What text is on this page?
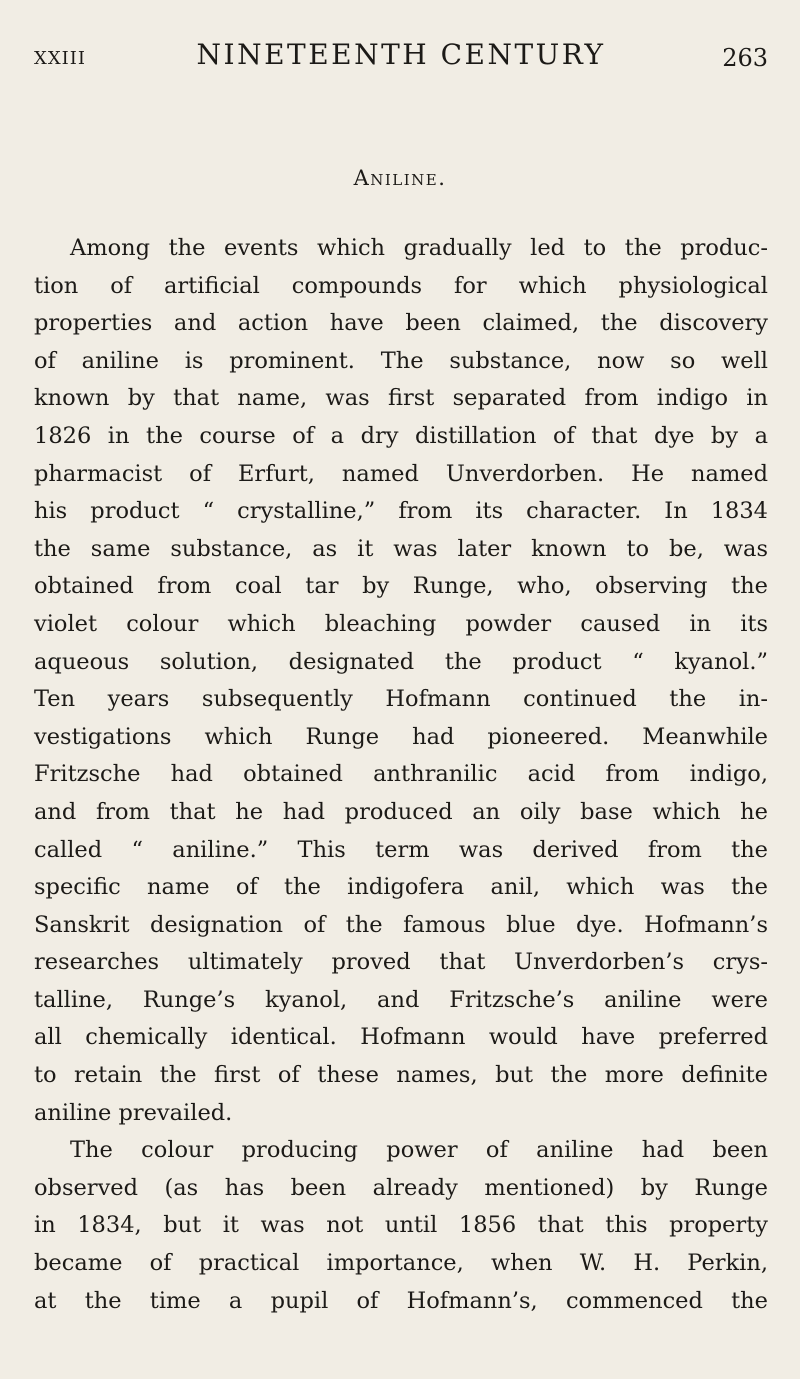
XXIII	NINETEENTH CENTURY	263
Aniline.
Among the events which gradually led to the produc-
tion of artificial compounds for which physiological
properties and action have been claimed, the discovery
of aniline is prominent. The substance, now so well
known by that name, was first separated from indigo in
1826 in the course of a dry distillation of that dye by a
pharmacist of Erfurt, named Unverdorben. He named
his product “ crystalline,” from its character. In 1834
the same substance, as it was later known to be, was
obtained from coal tar by Runge, who, observing the
violet colour which bleaching powder caused in its
aqueous solution, designated the product “ kyanol.”
Ten years subsequently Hofmann continued the in-
vestigations which Runge had pioneered. Meanwhile
Fritzsche had obtained anthranilic acid from indigo,
and from that he had produced an oily base which he
called “ aniline.” This term was derived from the
specific name of the indigofera anil, which was the
Sanskrit designation of the famous blue dye. Hofmann’s
researches ultimately proved that Unverdorben’s crys-
talline, Runge’s kyanol, and Fritzsche’s aniline were
all chemically identical. Hofmann would have preferred
to retain the first of these names, but the more definite
aniline prevailed.
The colour producing power of aniline had been
observed (as has been already mentioned) by Runge
in 1834, but it was not until 1856 that this property
became of practical importance, when W. H. Perkin,
at the time a pupil of Hofmann’s, commenced the
